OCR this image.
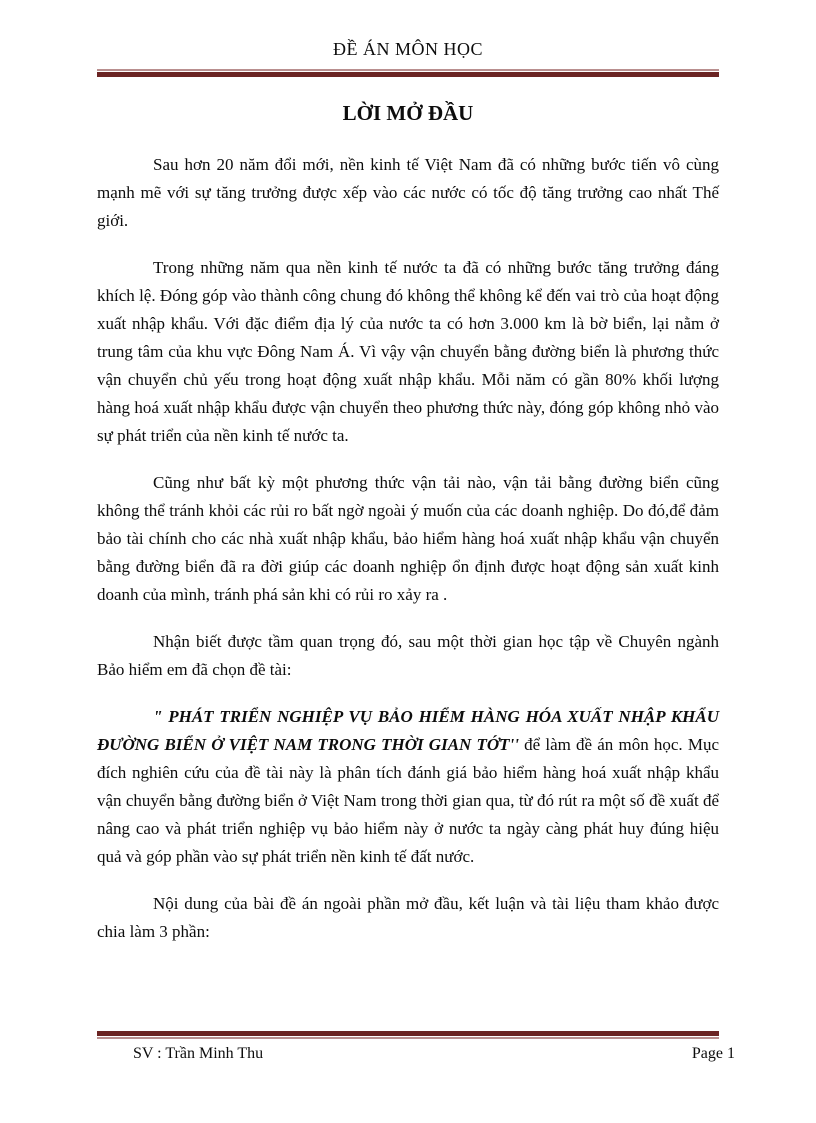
ĐỀ ÁN MÔN HỌC
LỜI MỞ ĐẦU

Sau hơn 20 năm đổi mới, nền kinh tế Việt Nam đã có những bước tiến vô cùng mạnh mẽ với sự tăng trưởng được xếp vào các nước có tốc độ tăng trưởng cao nhất Thế giới.

Trong những năm qua nền kinh tế nước ta đã có những bước tăng trưởng đáng khích lệ. Đóng góp vào thành công chung đó không thể không kể đến vai trò của hoạt động xuất nhập khẩu. Với đặc điểm địa lý của nước ta có hơn 3.000 km là bờ biển, lại nằm ở trung tâm của khu vực Đông Nam Á. Vì vậy vận chuyển bằng đường biển là phương thức vận chuyển chủ yếu trong hoạt động xuất nhập khẩu. Mỗi năm có gần 80% khối lượng hàng hoá xuất nhập khẩu được vận chuyển theo phương thức này, đóng góp không nhỏ vào sự phát triển của nền kinh tế nước ta.

Cũng như bất kỳ một phương thức vận tải nào, vận tải bằng đường biển cũng không thể tránh khỏi các rủi ro bất ngờ ngoài ý muốn của các doanh nghiệp. Do đó,để đảm bảo tài chính cho các nhà xuất nhập khẩu, bảo hiểm hàng hoá xuất nhập khẩu vận chuyển bằng đường biển đã ra đời giúp các doanh nghiệp ổn định được hoạt động sản xuất kinh doanh của mình, tránh phá sản khi có rủi ro xảy ra .

Nhận biết được tầm quan trọng đó, sau một thời gian học tập về Chuyên ngành Bảo hiểm em đã chọn đề tài:

" PHÁT TRIỂN NGHIỆP VỤ BẢO HIỂM HÀNG HÓA XUẤT NHẬP KHẨU ĐƯỜNG BIỂN Ở VIỆT NAM TRONG THỜI GIAN TỚT'' để làm đề án môn học. Mục đích nghiên cứu của đề tài này là phân tích đánh giá bảo hiểm hàng hoá xuất nhập khẩu vận chuyển bằng đường biển ở Việt Nam trong thời gian qua, từ đó rút ra một số đề xuất để nâng cao và phát triển nghiệp vụ bảo hiểm này ở nước ta ngày càng phát huy đúng hiệu quả và góp phần vào sự phát triển nền kinh tế đất nước.

Nội dung của bài đề án ngoài phần mở đầu, kết luận và tài liệu tham khảo được chia làm 3 phần:

SV : Trần Minh Thu	Page 1
